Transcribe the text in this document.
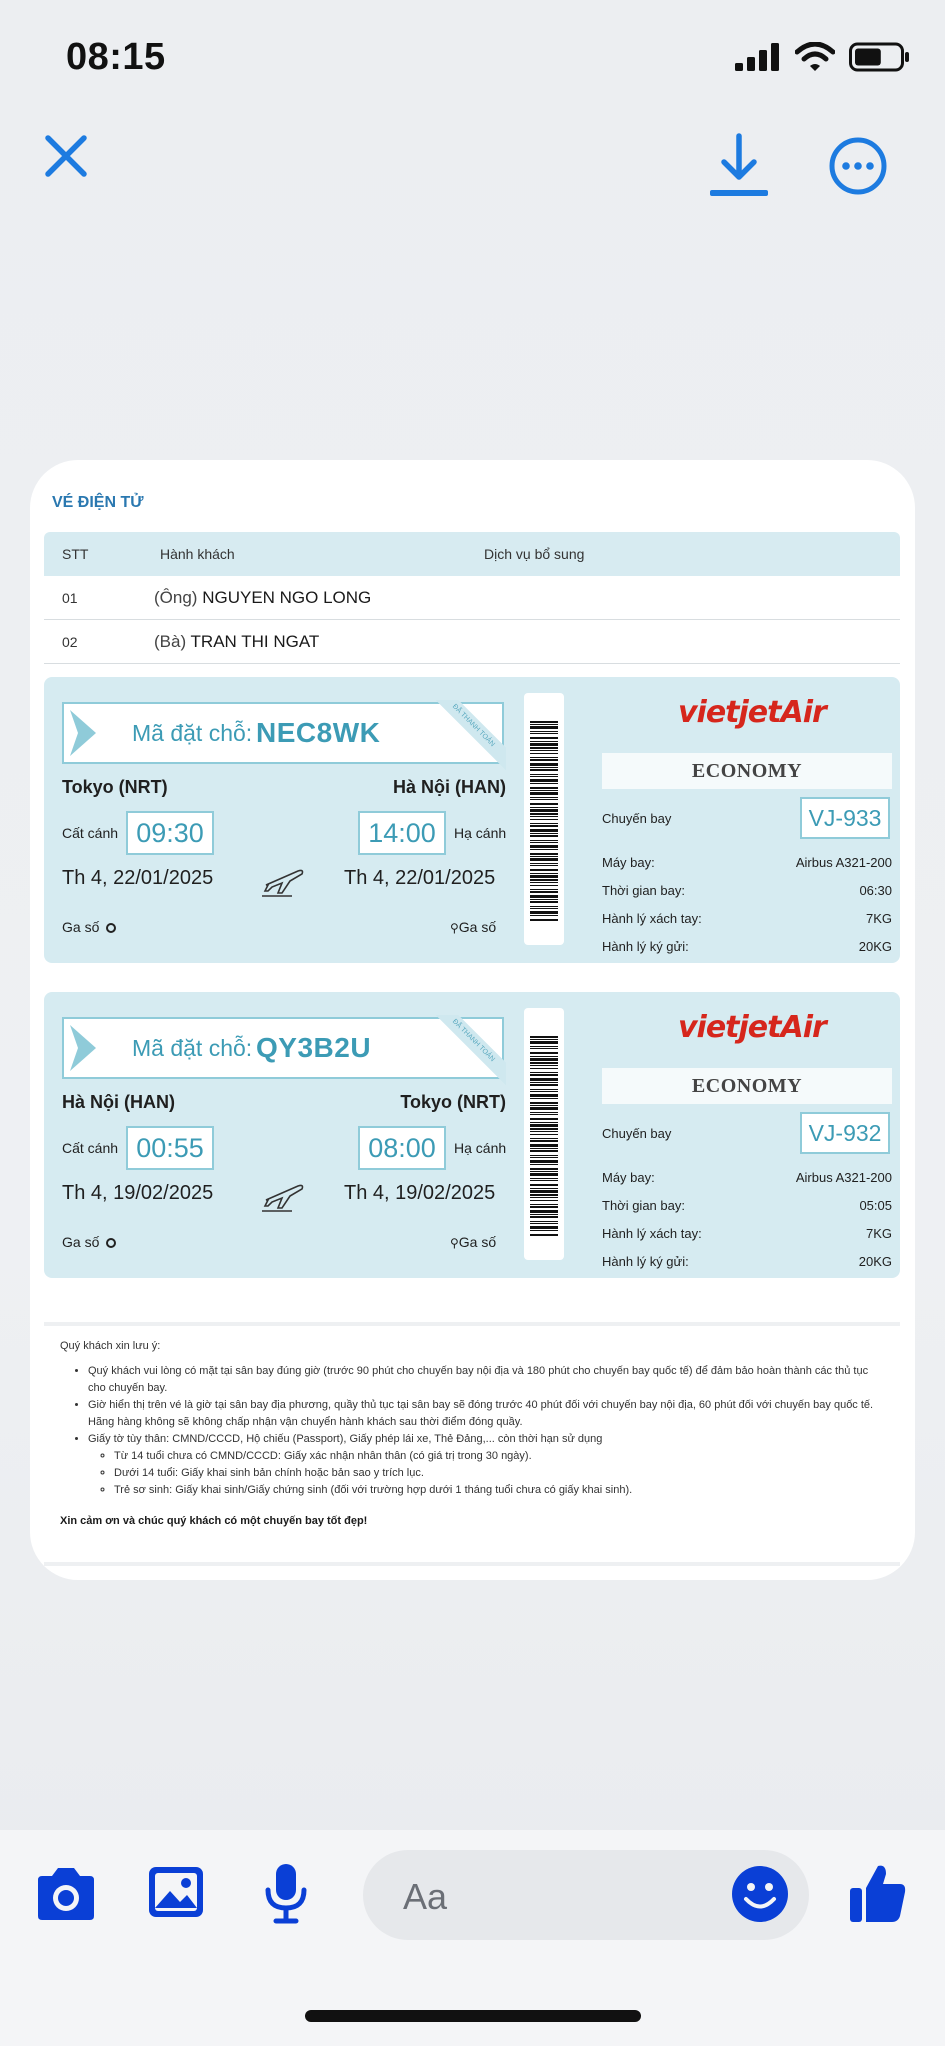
08:15
VÉ ĐIỆN TỬ
STT	Hành khách	Dịch vụ bổ sung
01	(Ông) NGUYEN NGO LONG
02	(Bà) TRAN THI NGAT
Mã đặt chỗ: NEC8WK	ĐÃ THANH TOÁN
Tokyo (NRT)	Hà Nội (HAN)
Cất cánh 09:30	14:00	Hạ cánh
Th 4, 22/01/2025	Th 4, 22/01/2025
Ga số	⚲Ga số
vietjetAir
ECONOMY
Chuyến bay	VJ-933
Máy bay:	Airbus A321-200
Thời gian bay:	06:30
Hành lý xách tay:	7KG
Hành lý ký gửi:	20KG
Mã đặt chỗ: QY3B2U	ĐÃ THANH TOÁN
Hà Nội (HAN)	Tokyo (NRT)
Cất cánh 00:55	08:00	Hạ cánh
Th 4, 19/02/2025	Th 4, 19/02/2025
Ga số	⚲Ga số
vietjetAir
ECONOMY
Chuyến bay	VJ-932
Máy bay:	Airbus A321-200
Thời gian bay:	05:05
Hành lý xách tay:	7KG
Hành lý ký gửi:	20KG
Quý khách xin lưu ý:
• Quý khách vui lòng có mặt tại sân bay đúng giờ (trước 90 phút cho chuyến bay nội địa và 180 phút cho chuyến bay quốc tế) để đảm bảo hoàn thành các thủ tục cho chuyến bay.
• Giờ hiển thị trên vé là giờ tại sân bay địa phương, quầy thủ tục tại sân bay sẽ đóng trước 40 phút đối với chuyến bay nội địa, 60 phút đối với chuyến bay quốc tế. Hãng hàng không sẽ không chấp nhận vận chuyển hành khách sau thời điểm đóng quầy.
• Giấy tờ tùy thân: CMND/CCCD, Hộ chiếu (Passport), Giấy phép lái xe, Thẻ Đảng,... còn thời hạn sử dụng
◦ Từ 14 tuổi chưa có CMND/CCCD: Giấy xác nhận nhân thân (có giá trị trong 30 ngày).
◦ Dưới 14 tuổi: Giấy khai sinh bản chính hoặc bản sao y trích lục.
◦ Trẻ sơ sinh: Giấy khai sinh/Giấy chứng sinh (đối với trường hợp dưới 1 tháng tuổi chưa có giấy khai sinh).
Xin cảm ơn và chúc quý khách có một chuyến bay tốt đẹp!
Aa
